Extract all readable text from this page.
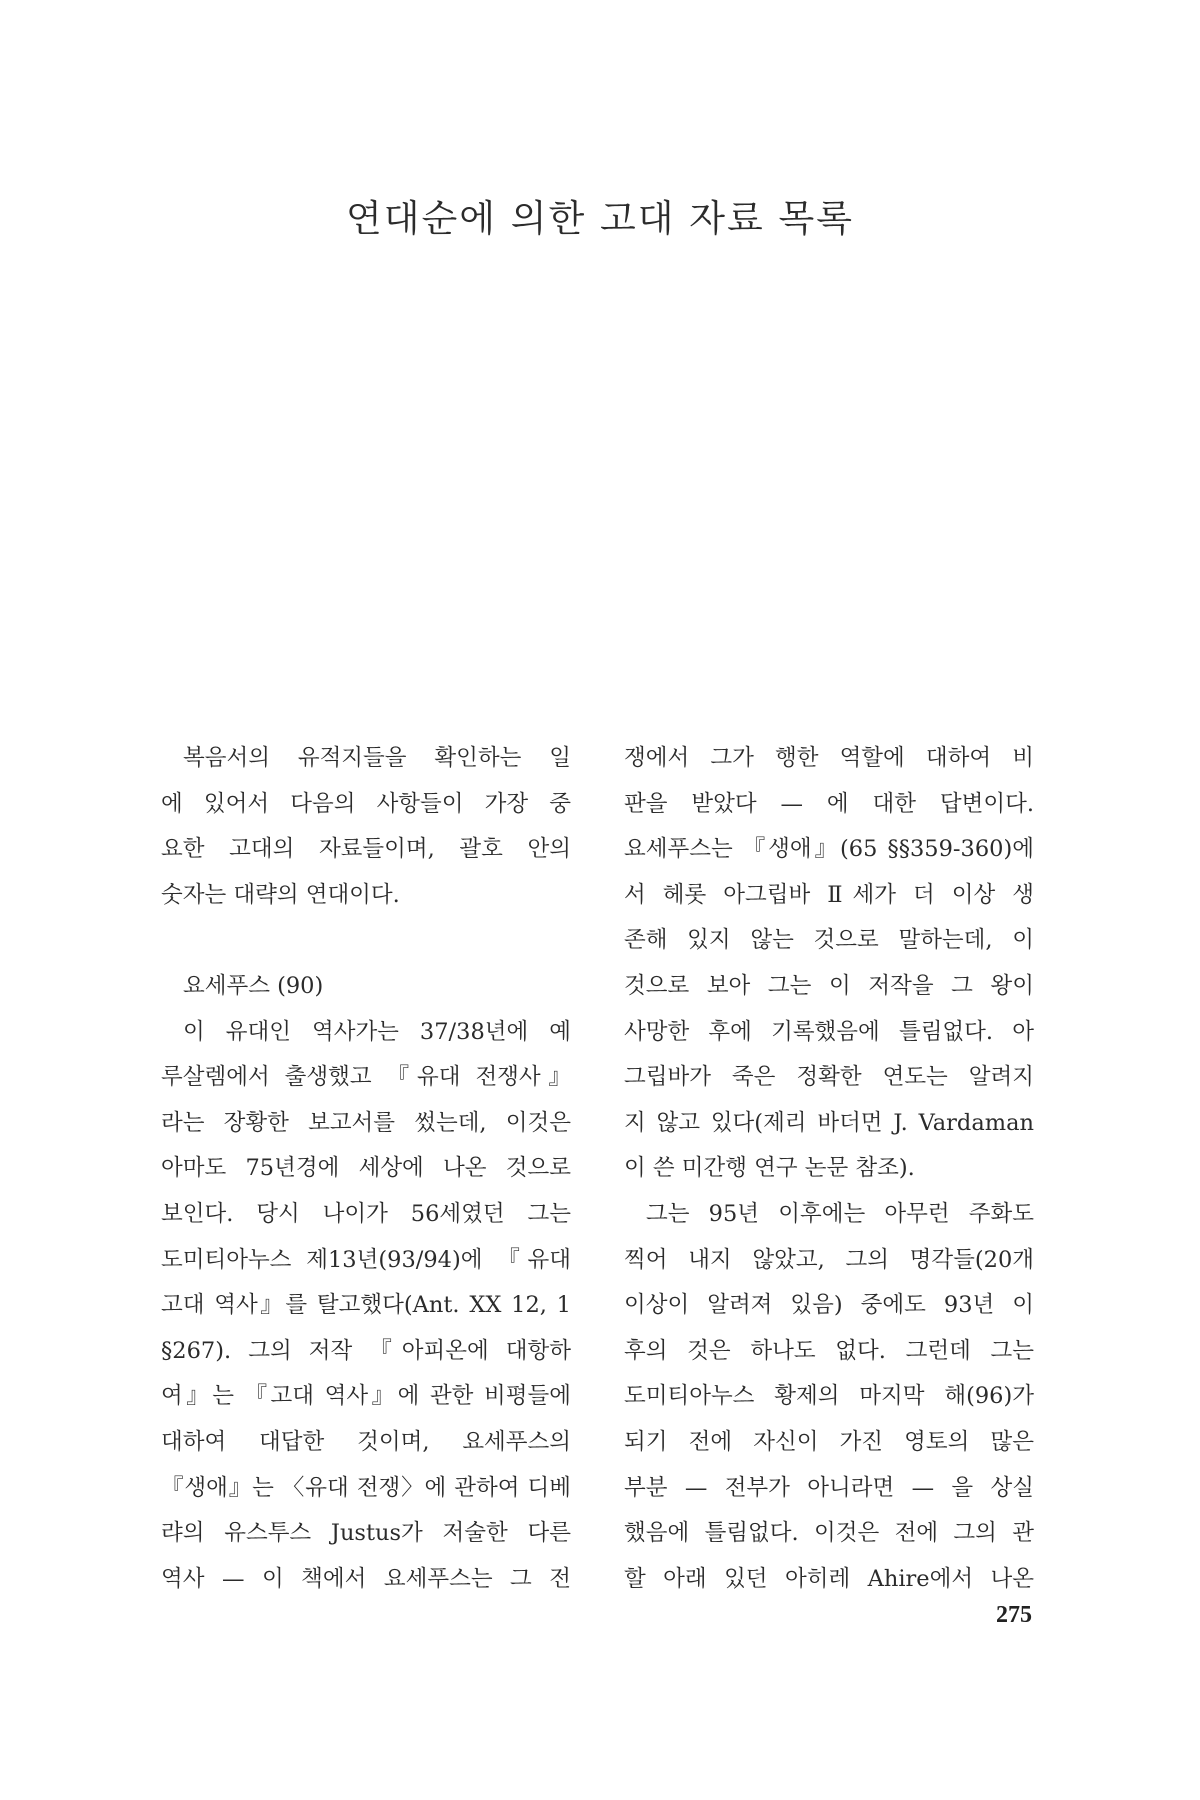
연대순에 의한 고대 자료 목록
복음서의 유적지들을 확인하는 일
에 있어서 다음의 사항들이 가장 중
요한 고대의 자료들이며, 괄호 안의
숫자는 대략의 연대이다.
요세푸스 (90)
이 유대인 역사가는 37/38년에 예
루살렘에서 출생했고 『유대 전쟁사』
라는 장황한 보고서를 썼는데, 이것은
아마도 75년경에 세상에 나온 것으로
보인다. 당시 나이가 56세였던 그는
도미티아누스 제13년(93/94)에 『유대
고대 역사』를 탈고했다(Ant. XX 12, 1
§267). 그의 저작 『아피온에 대항하
여』는 『고대 역사』에 관한 비평들에
대하여 대답한 것이며, 요세푸스의
『생애』는 〈유대 전쟁〉에 관하여 디베
랴의 유스투스 Justus가 저술한 다른
역사 — 이 책에서 요세푸스는 그 전
쟁에서 그가 행한 역할에 대하여 비
판을 받았다 — 에 대한 답변이다.
요세푸스는 『생애』(65 §§359-360)에
서 헤롯 아그립바 Ⅱ세가 더 이상 생
존해 있지 않는 것으로 말하는데, 이
것으로 보아 그는 이 저작을 그 왕이
사망한 후에 기록했음에 틀림없다. 아
그립바가 죽은 정확한 연도는 알려지
지 않고 있다(제리 바더먼 J. Vardaman
이 쓴 미간행 연구 논문 참조).
그는 95년 이후에는 아무런 주화도
찍어 내지 않았고, 그의 명각들(20개
이상이 알려져 있음) 중에도 93년 이
후의 것은 하나도 없다. 그런데 그는
도미티아누스 황제의 마지막 해(96)가
되기 전에 자신이 가진 영토의 많은
부분 — 전부가 아니라면 — 을 상실
했음에 틀림없다. 이것은 전에 그의 관
할 아래 있던 아히레 Ahire에서 나온
275
